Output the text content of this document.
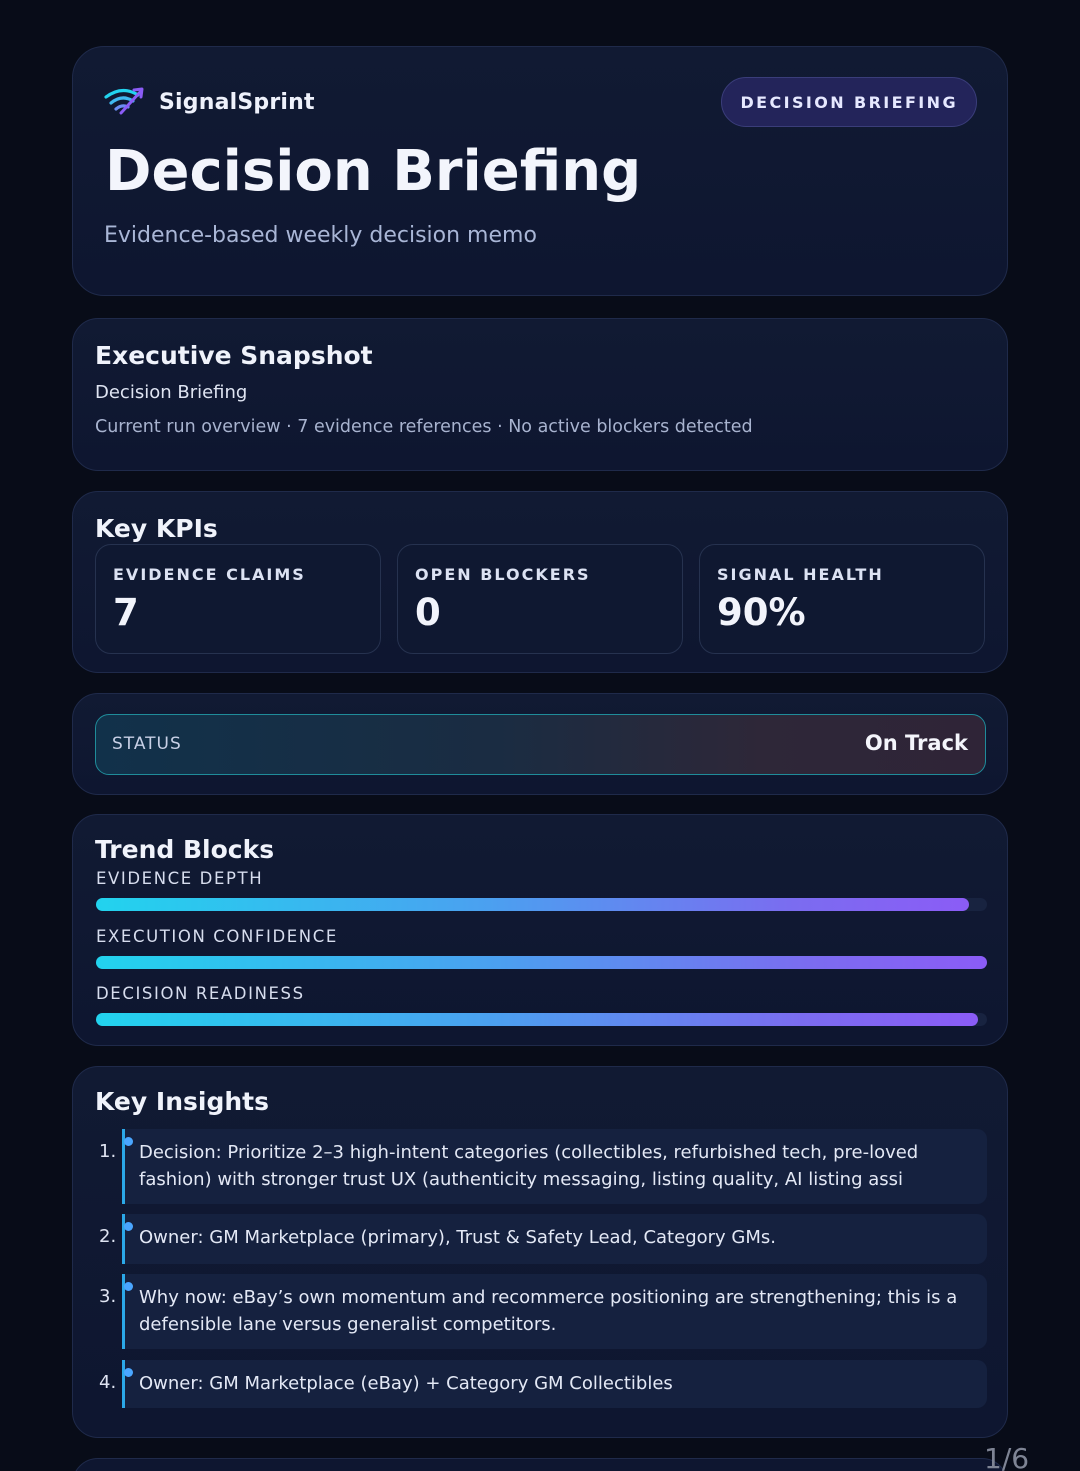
SignalSprint	DECISION BRIEFING
Decision Briefing
Evidence-based weekly decision memo
Executive Snapshot
Decision Briefing
Current run overview · 7 evidence references · No active blockers detected
Key KPIs
EVIDENCE CLAIMS
7
OPEN BLOCKERS
0
SIGNAL HEALTH
90%
STATUS	On Track
Trend Blocks
EVIDENCE DEPTH
EXECUTION CONFIDENCE
DECISION READINESS
Key Insights
1. Decision: Prioritize 2–3 high-intent categories (collectibles, refurbished tech, pre-loved fashion) with stronger trust UX (authenticity messaging, listing quality, AI listing assi
2. Owner: GM Marketplace (primary), Trust & Safety Lead, Category GMs.
3. Why now: eBay’s own momentum and recommerce positioning are strengthening; this is a defensible lane versus generalist competitors.
4. Owner: GM Marketplace (eBay) + Category GM Collectibles
1/6
